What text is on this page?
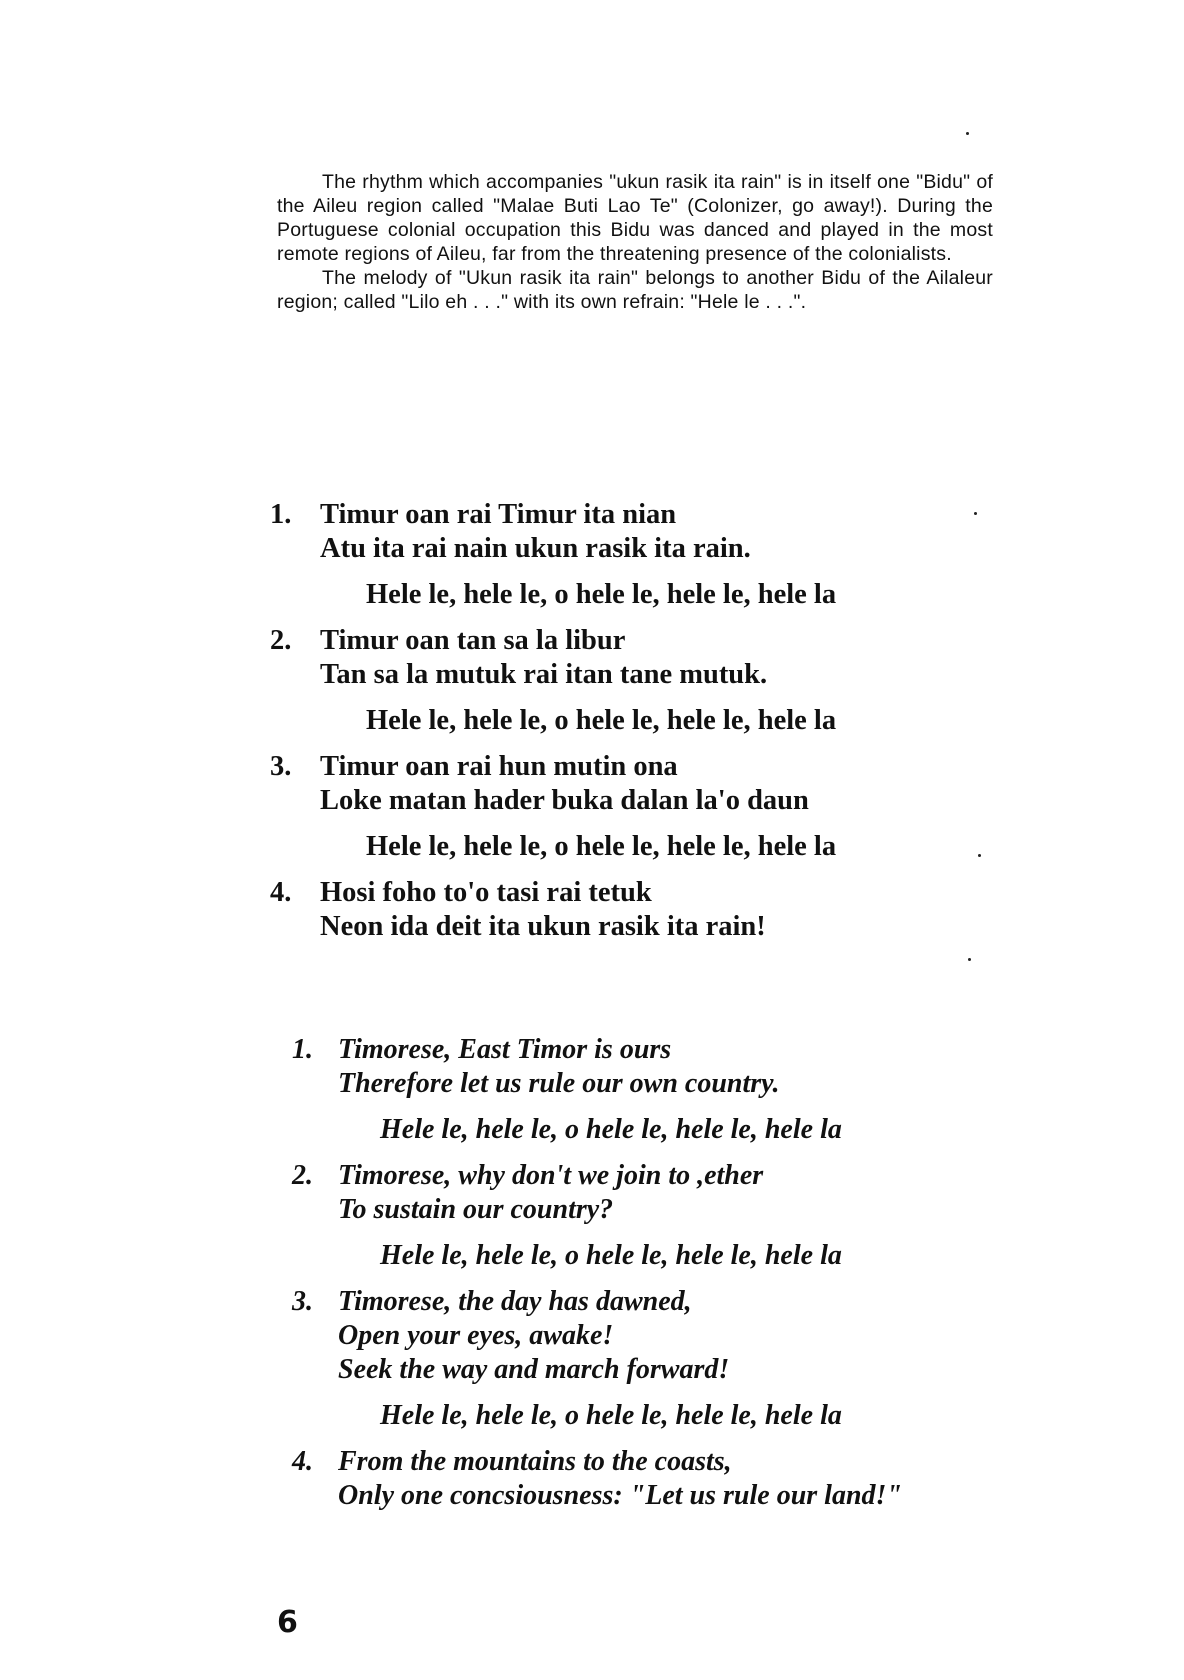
The rhythm which accompanies "ukun rasik ita rain" is in itself one "Bidu" of the Aileu region called "Malae Buti Lao Te" (Colonizer, go away!). During the Portuguese colonial occupation this Bidu was danced and played in the most remote regions of Aileu, far from the threatening presence of the colonialists.

The melody of "Ukun rasik ita rain" belongs to another Bidu of the Ailaleur region; called "Lilo eh . . ." with its own refrain: "Hele le . . .".

1.	Timur oan rai Timur ita nian
Atu ita rai nain ukun rasik ita rain.
Hele le, hele le, o hele le, hele le, hele la
2.	Timur oan tan sa la libur
Tan sa la mutuk rai itan tane mutuk.
Hele le, hele le, o hele le, hele le, hele la
3.	Timur oan rai hun mutin ona
Loke matan hader buka dalan la'o daun
Hele le, hele le, o hele le, hele le, hele la
4.	Hosi foho to'o tasi rai tetuk
Neon ida deit ita ukun rasik ita rain!
1. Timorese, East Timor is ours
Therefore let us rule our own country.
Hele le, hele le, o hele le, hele le, hele la
2. Timorese, why don't we join to ,ether
To sustain our country?
Hele le, hele le, o hele le, hele le, hele la
3. Timorese, the day has dawned,
Open your eyes, awake!
Seek the way and march forward!
Hele le, hele le, o hele le, hele le, hele la
4. From the mountains to the coasts,
Only one concsiousness: "Let us rule our land!"
6
